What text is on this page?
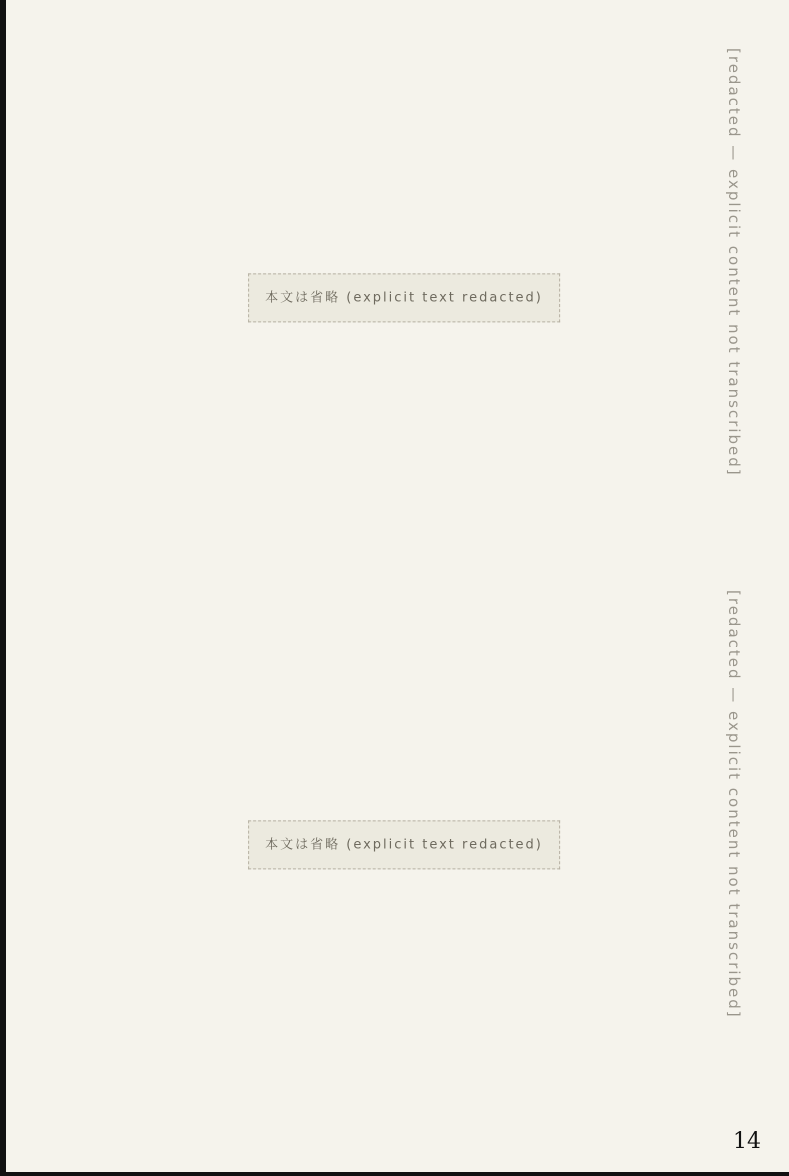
[redacted — explicit content not transcribed]
本文は省略 (explicit text redacted)
[redacted — explicit content not transcribed]
本文は省略 (explicit text redacted)
14
